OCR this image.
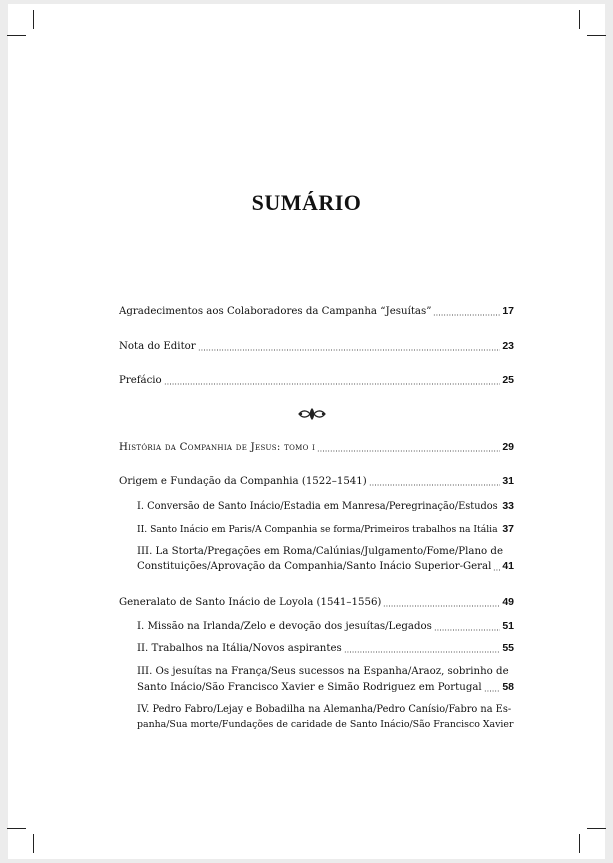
SUMÁRIO
Agradecimentos aos Colaboradores da Campanha “Jesuítas”	17
Nota do Editor	23
Prefácio	25
História da Companhia de Jesus: tomo i	29
Origem e Fundação da Companhia (1522–1541)	31
I. Conversão de Santo Inácio/Estadia em Manresa/Peregrinação/Estudos 33
II. Santo Inácio em Paris/A Companhia se forma/Primeiros trabalhos na Itália 37
III. La Storta/Pregações em Roma/Calúnias/Julgamento/Fome/Plano de
Constituições/Aprovação da Companhia/Santo Inácio Superior-Geral 41
Generalato de Santo Inácio de Loyola (1541–1556)	49
I. Missão na Irlanda/Zelo e devoção dos jesuítas/Legados	51
II. Trabalhos na Itália/Novos aspirantes	55
III. Os jesuítas na França/Seus sucessos na Espanha/Araoz, sobrinho de
Santo Inácio/São Francisco Xavier e Simão Rodriguez em Portugal 58
IV. Pedro Fabro/Lejay e Bobadilha na Alemanha/Pedro Canísio/Fabro na Es-
panha/Sua morte/Fundações de caridade de Santo Inácio/São Francisco Xavier
